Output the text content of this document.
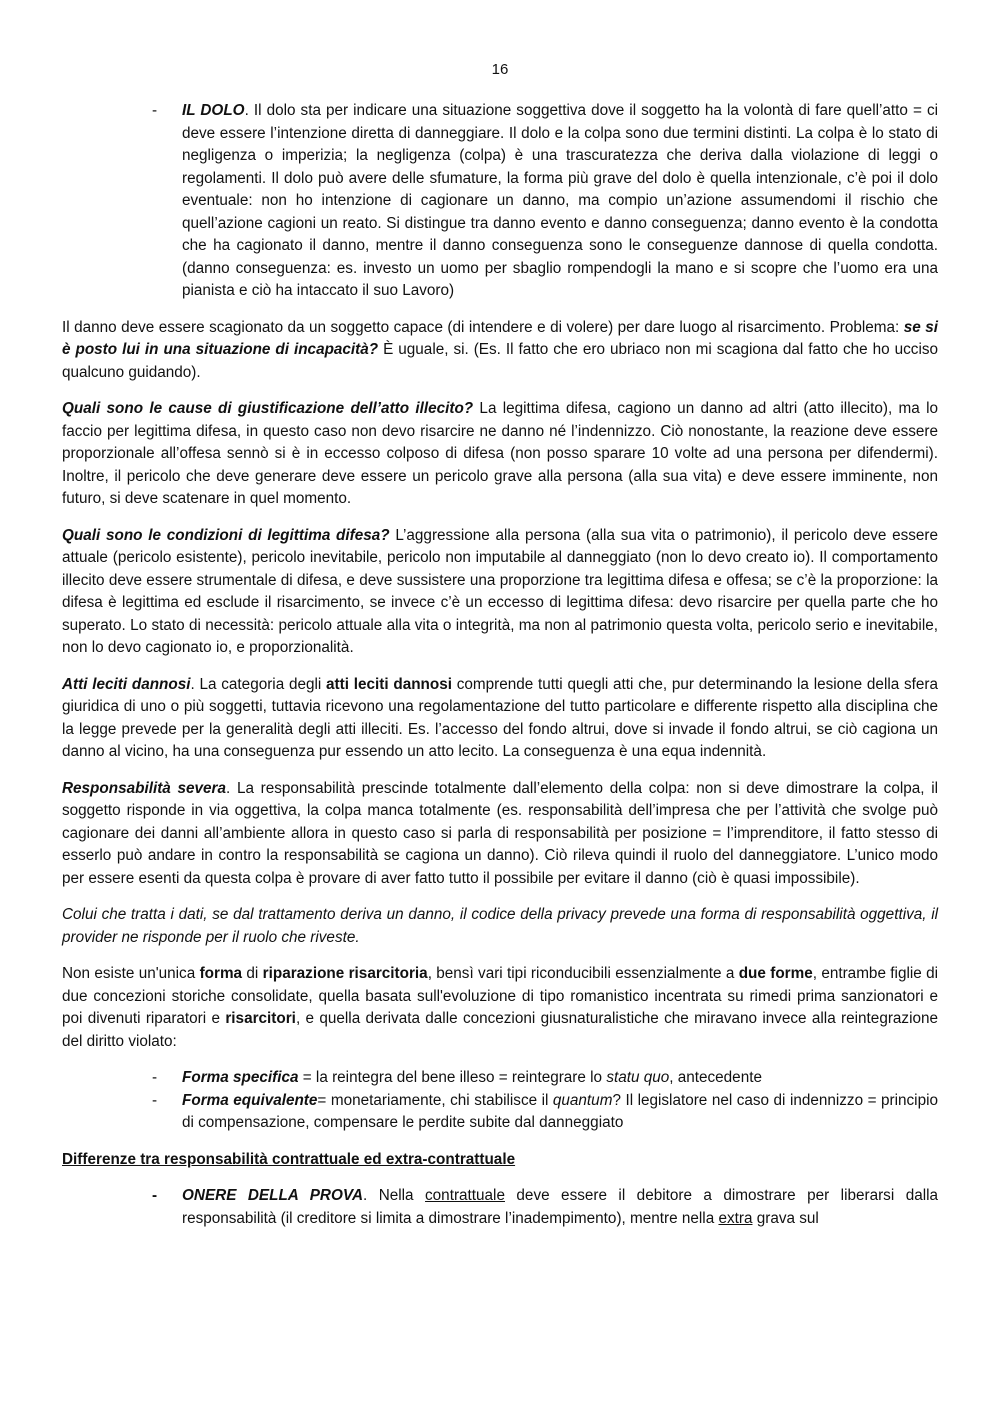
16
- IL DOLO. Il dolo sta per indicare una situazione soggettiva dove il soggetto ha la volontà di fare quell’atto = ci deve essere l’intenzione diretta di danneggiare. Il dolo e la colpa sono due termini distinti. La colpa è lo stato di negligenza o imperizia; la negligenza (colpa) è una trascuratezza che deriva dalla violazione di leggi o regolamenti. Il dolo può avere delle sfumature, la forma più grave del dolo è quella intenzionale, c’è poi il dolo eventuale: non ho intenzione di cagionare un danno, ma compio un’azione assumendomi il rischio che quell’azione cagioni un reato. Si distingue tra danno evento e danno conseguenza; danno evento è la condotta che ha cagionato il danno, mentre il danno conseguenza sono le conseguenze dannose di quella condotta. (danno conseguenza: es. investo un uomo per sbaglio rompendogli la mano e si scopre che l’uomo era una pianista e ciò ha intaccato il suo Lavoro)

Il danno deve essere scagionato da un soggetto capace (di intendere e di volere) per dare luogo al risarcimento. Problema: se si è posto lui in una situazione di incapacità? È uguale, si. (Es. Il fatto che ero ubriaco non mi scagiona dal fatto che ho ucciso qualcuno guidando).

Quali sono le cause di giustificazione dell’atto illecito? La legittima difesa, cagiono un danno ad altri (atto illecito), ma lo faccio per legittima difesa, in questo caso non devo risarcire ne danno né l’indennizzo. Ciò nonostante, la reazione deve essere proporzionale all’offesa sennò si è in eccesso colposo di difesa (non posso sparare 10 volte ad una persona per difendermi). Inoltre, il pericolo che deve generare deve essere un pericolo grave alla persona (alla sua vita) e deve essere imminente, non futuro, si deve scatenare in quel momento.

Quali sono le condizioni di legittima difesa? L’aggressione alla persona (alla sua vita o patrimonio), il pericolo deve essere attuale (pericolo esistente), pericolo inevitabile, pericolo non imputabile al danneggiato (non lo devo creato io). Il comportamento illecito deve essere strumentale di difesa, e deve sussistere una proporzione tra legittima difesa e offesa; se c’è la proporzione: la difesa è legittima ed esclude il risarcimento, se invece c’è un eccesso di legittima difesa: devo risarcire per quella parte che ho superato. Lo stato di necessità: pericolo attuale alla vita o integrità, ma non al patrimonio questa volta, pericolo serio e inevitabile, non lo devo cagionato io, e proporzionalità.

Atti leciti dannosi. La categoria degli atti leciti dannosi comprende tutti quegli atti che, pur determinando la lesione della sfera giuridica di uno o più soggetti, tuttavia ricevono una regolamentazione del tutto particolare e differente rispetto alla disciplina che la legge prevede per la generalità degli atti illeciti. Es. l’accesso del fondo altrui, dove si invade il fondo altrui, se ciò cagiona un danno al vicino, ha una conseguenza pur essendo un atto lecito. La conseguenza è una equa indennità.

Responsabilità severa. La responsabilità prescinde totalmente dall’elemento della colpa: non si deve dimostrare la colpa, il soggetto risponde in via oggettiva, la colpa manca totalmente (es. responsabilità dell’impresa che per l’attività che svolge può cagionare dei danni all’ambiente allora in questo caso si parla di responsabilità per posizione = l’imprenditore, il fatto stesso di esserlo può andare in contro la responsabilità se cagiona un danno). Ciò rileva quindi il ruolo del danneggiatore. L’unico modo per essere esenti da questa colpa è provare di aver fatto tutto il possibile per evitare il danno (ciò è quasi impossibile).

Colui che tratta i dati, se dal trattamento deriva un danno, il codice della privacy prevede una forma di responsabilità oggettiva, il provider ne risponde per il ruolo che riveste.

Non esiste un'unica forma di riparazione risarcitoria, bensì vari tipi riconducibili essenzialmente a due forme, entrambe figlie di due concezioni storiche consolidate, quella basata sull'evoluzione di tipo romanistico incentrata su rimedi prima sanzionatori e poi divenuti riparatori e risarcitori, e quella derivata dalle concezioni giusnaturalistiche che miravano invece alla reintegrazione del diritto violato:

- Forma specifica = la reintegra del bene illeso = reintegrare lo statu quo, antecedente
- Forma equivalente= monetariamente, chi stabilisce il quantum? Il legislatore nel caso di indennizzo = principio di compensazione, compensare le perdite subite dal danneggiato

Differenze tra responsabilità contrattuale ed extra-contrattuale

- ONERE DELLA PROVA. Nella contrattuale deve essere il debitore a dimostrare per liberarsi dalla responsabilità (il creditore si limita a dimostrare l’inadempimento), mentre nella extra grava sul
